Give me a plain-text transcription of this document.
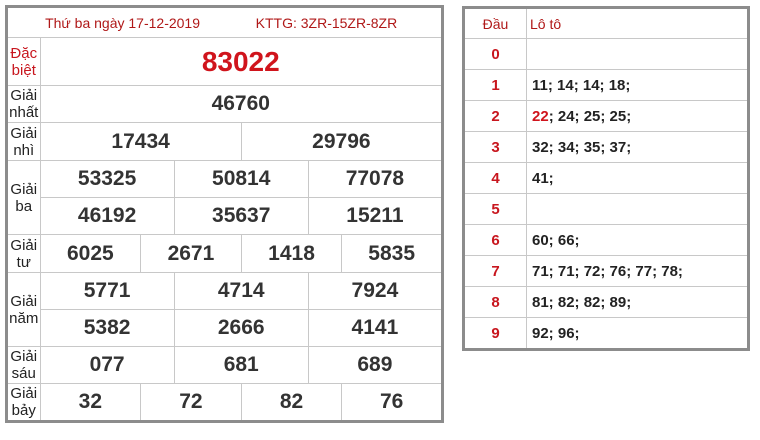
Thứ ba ngày 17-12-2019 KTTG: 3ZR-15ZR-8ZR						
Đặc biệt	83022					
Giải nhất	46760					
Giải nhì	17434			29796		
Giải ba	53325		50814		77078	
	46192		35637		15211	
Giải tư	6025	2671		1418		5835
Giải năm	5771		4714		7924	
	5382		2666		4141	
Giải sáu	077		681		689	
Giải bảy	32	72		82		76
Đầu	Lô tô
0	
1	11; 14; 14; 18;
2	22; 24; 25; 25;
3	32; 34; 35; 37;
4	41;
5	
6	60; 66;
7	71; 71; 72; 76; 77; 78;
8	81; 82; 82; 89;
9	92; 96;
